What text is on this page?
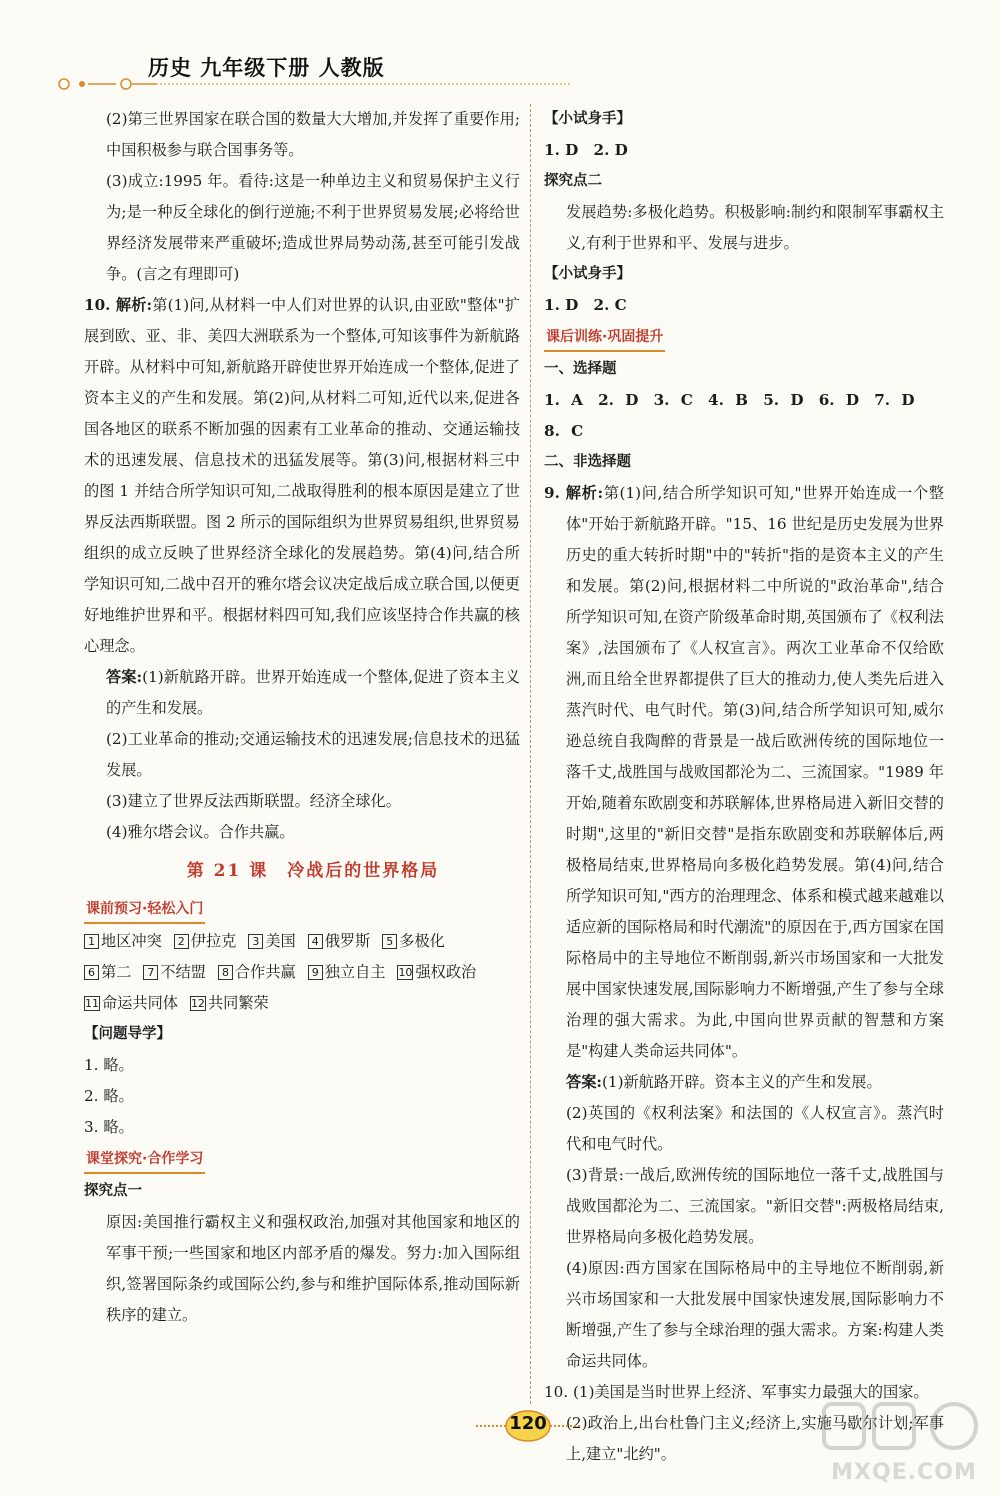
历史 九年级下册 人教版

(2)第三世界国家在联合国的数量大大增加,并发挥了重要作用;中国积极参与联合国事务等。

(3)成立:1995 年。看待:这是一种单边主义和贸易保护主义行为;是一种反全球化的倒行逆施;不利于世界贸易发展;必将给世界经济发展带来严重破坏;造成世界局势动荡,甚至可能引发战争。(言之有理即可)

10. 解析:第(1)问,从材料一中人们对世界的认识,由亚欧"整体"扩展到欧、亚、非、美四大洲联系为一个整体,可知该事件为新航路开辟。从材料中可知,新航路开辟使世界开始连成一个整体,促进了资本主义的产生和发展。第(2)问,从材料二可知,近代以来,促进各国各地区的联系不断加强的因素有工业革命的推动、交通运输技术的迅速发展、信息技术的迅猛发展等。第(3)问,根据材料三中的图 1 并结合所学知识可知,二战取得胜利的根本原因是建立了世界反法西斯联盟。图 2 所示的国际组织为世界贸易组织,世界贸易组织的成立反映了世界经济全球化的发展趋势。第(4)问,结合所学知识可知,二战中召开的雅尔塔会议决定战后成立联合国,以便更好地维护世界和平。根据材料四可知,我们应该坚持合作共赢的核心理念。

答案:(1)新航路开辟。世界开始连成一个整体,促进了资本主义的产生和发展。

(2)工业革命的推动;交通运输技术的迅速发展;信息技术的迅猛发展。

(3)建立了世界反法西斯联盟。经济全球化。

(4)雅尔塔会议。合作共赢。

第 21 课　冷战后的世界格局
课前预习·轻松入门
1 地区冲突	2 伊拉克	3 美国	4 俄罗斯	5 多极化
6 第二	7 不结盟	8 合作共赢	9 独立自主 10 强权政治
11 命运共同体 12 共同繁荣
【问题导学】
1. 略。
2. 略。
3. 略。
课堂探究·合作学习
探究点一

原因:美国推行霸权主义和强权政治,加强对其他国家和地区的军事干预;一些国家和地区内部矛盾的爆发。努力:加入国际组织,签署国际条约或国际公约,参与和维护国际体系,推动国际新秩序的建立。

【小试身手】
1. D　2. D
探究点二

发展趋势:多极化趋势。积极影响:制约和限制军事霸权主义,有利于世界和平、发展与进步。

【小试身手】
1. D　2. C
课后训练·巩固提升
一、选择题
1. A　2. D　3. C　4. B　5. D　6. D　7. D　8. C
二、非选择题

9. 解析:第(1)问,结合所学知识可知,"世界开始连成一个整体"开始于新航路开辟。"15、16 世纪是历史发展为世界历史的重大转折时期"中的"转折"指的是资本主义的产生和发展。第(2)问,根据材料二中所说的"政治革命",结合所学知识可知,在资产阶级革命时期,英国颁布了《权利法案》,法国颁布了《人权宣言》。两次工业革命不仅给欧洲,而且给全世界都提供了巨大的推动力,使人类先后进入蒸汽时代、电气时代。第(3)问,结合所学知识可知,威尔逊总统自我陶醉的背景是一战后欧洲传统的国际地位一落千丈,战胜国与战败国都沦为二、三流国家。"1989 年开始,随着东欧剧变和苏联解体,世界格局进入新旧交替的时期",这里的"新旧交替"是指东欧剧变和苏联解体后,两极格局结束,世界格局向多极化趋势发展。第(4)问,结合所学知识可知,"西方的治理理念、体系和模式越来越难以适应新的国际格局和时代潮流"的原因在于,西方国家在国际格局中的主导地位不断削弱,新兴市场国家和一大批发展中国家快速发展,国际影响力不断增强,产生了参与全球治理的强大需求。为此,中国向世界贡献的智慧和方案是"构建人类命运共同体"。

答案:(1)新航路开辟。资本主义的产生和发展。

(2)英国的《权利法案》和法国的《人权宣言》。蒸汽时代和电气时代。

(3)背景:一战后,欧洲传统的国际地位一落千丈,战胜国与战败国都沦为二、三流国家。"新旧交替":两极格局结束,世界格局向多极化趋势发展。

(4)原因:西方国家在国际格局中的主导地位不断削弱,新兴市场国家和一大批发展中国家快速发展,国际影响力不断增强,产生了参与全球治理的强大需求。方案:构建人类命运共同体。

10. (1)美国是当时世界上经济、军事实力最强大的国家。

(2)政治上,出台杜鲁门主义;经济上,实施马歇尔计划;军事上,建立"北约"。

120
MXQE.COM
